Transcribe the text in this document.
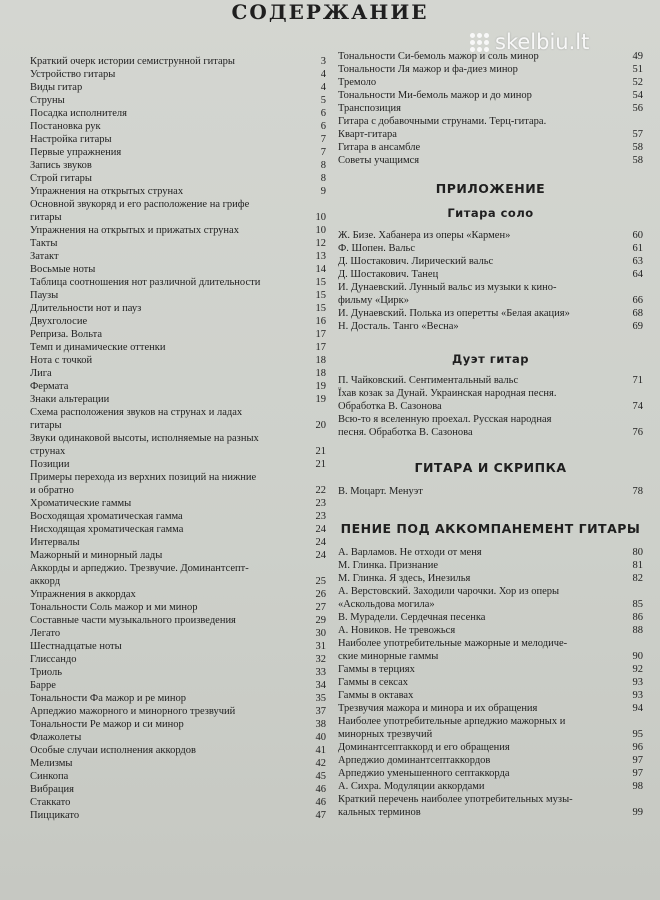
СОДЕРЖАНИЕ
skelbiu.lt
Краткий очерк истории семиструнной гитары	3
Устройство гитары	4
Виды гитар	4
Струны	5
Посадка исполнителя	6
Постановка рук	6
Настройка гитары	7
Первые упражнения	7
Запись звуков	8
Строй гитары	8
Упражнения на открытых струнах	9
Основной звукоряд и его расположение на грифе
гитары	10
Упражнения на открытых и прижатых струнах	10
Такты	12
Затакт	13
Восьмые ноты	14
Таблица соотношения нот различной длительности	15
Паузы	15
Длительности нот и пауз	15
Двухголосие	16
Реприза. Вольта	17
Темп и динамические оттенки	17
Нота с точкой	18
Лига	18
Фермата	19
Знаки альтерации	19
Схема расположения звуков на струнах и ладах
гитары	20
Звуки одинаковой высоты, исполняемые на разных
струнах	21
Позиции	21
Примеры перехода из верхних позиций на нижние
и обратно	22
Хроматические гаммы	23
Восходящая хроматическая гамма	23
Нисходящая хроматическая гамма	24
Интервалы	24
Мажорный и минорный лады	24
Аккорды и арпеджио. Трезвучие. Доминантсепт-
аккорд	25
Упражнения в аккордах	26
Тональности Соль мажор и ми минор	27
Составные части музыкального произведения	29
Легато	30
Шестнадцатые ноты	31
Глиссандо	32
Триоль	33
Барре	34
Тональности Фа мажор и ре минор	35
Арпеджио мажорного и минорного трезвучий	37
Тональности Ре мажор и си минор	38
Флажолеты	40
Особые случаи исполнения аккордов	41
Мелизмы	42
Синкопа	45
Вибрация	46
Стаккато	46
Пиццикато	47
Тональности Си-бемоль мажор и соль минор	49
Тональности Ля мажор и фа-диез минор	51
Тремоло	52
Тональности Ми-бемоль мажор и до минор	54
Транспозиция	56
Гитара с добавочными струнами. Терц-гитара.
Кварт-гитара	57
Гитара в ансамбле	58
Советы учащимся	58
ПРИЛОЖЕНИЕ
Гитара соло
Ж. Бизе. Хабанера из оперы «Кармен»	60
Ф. Шопен. Вальс	61
Д. Шостакович. Лирический вальс	63
Д. Шостакович. Танец	64
И. Дунаевский. Лунный вальс из музыки к кино-
фильму «Цирк»	66
И. Дунаевский. Полька из оперетты «Белая акация»	68
Н. Досталь. Танго «Весна»	69
Дуэт гитар
П. Чайковский. Сентиментальный вальс	71
Їхав козак за Дунай. Украинская народная песня.
Обработка В. Сазонова	74
Всю-то я вселенную проехал. Русская народная
песня. Обработка В. Сазонова	76
ГИТАРА И СКРИПКА
В. Моцарт. Менуэт	78
ПЕНИЕ ПОД АККОМПАНЕМЕНТ ГИТАРЫ
А. Варламов. Не отходи от меня	80
М. Глинка. Признание	81
М. Глинка. Я здесь, Инезилья	82
А. Верстовский. Заходили чарочки. Хор из оперы
«Аскольдова могила»	85
В. Мурадели. Сердечная песенка	86
А. Новиков. Не тревожься	88
Наиболее употребительные мажорные и мелодиче-
ские минорные гаммы	90
Гаммы в терциях	92
Гаммы в сексах	93
Гаммы в октавах	93
Трезвучия мажора и минора и их обращения	94
Наиболее употребительные арпеджио мажорных и
минорных трезвучий	95
Доминантсептаккорд и его обращения	96
Арпеджио доминантсептаккордов	97
Арпеджио уменьшенного септаккорда	97
А. Сихра. Модуляции аккордами	98
Краткий перечень наиболее употребительных музы-
кальных терминов	99
